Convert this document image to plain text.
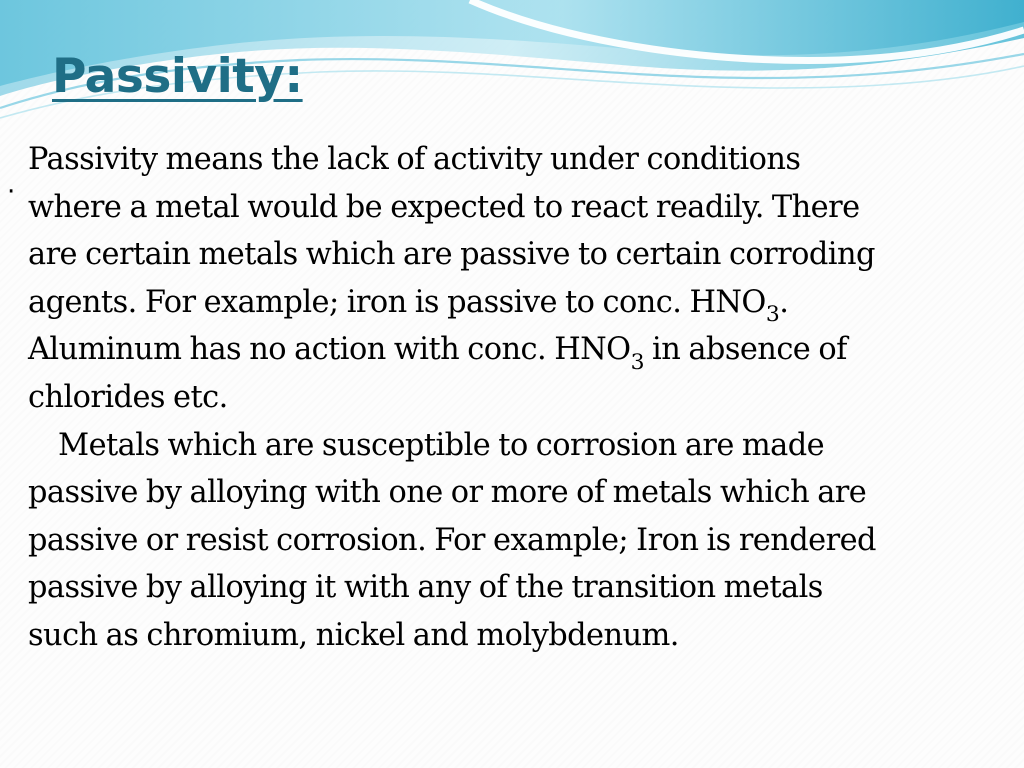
Passivity:
·
Passivity means the lack of activity under conditions
where a metal would be expected to react readily. There
are certain metals which are passive to certain corroding
agents. For example; iron is passive to conc. $HNO_3$.
Aluminum has no action with conc. $HNO_3$ in absence of
chlorides etc.
Metals which are susceptible to corrosion are made
passive by alloying with one or more of metals which are
passive or resist corrosion. For example; Iron is rendered
passive by alloying it with any of the transition metals
such as chromium, nickel and molybdenum.
